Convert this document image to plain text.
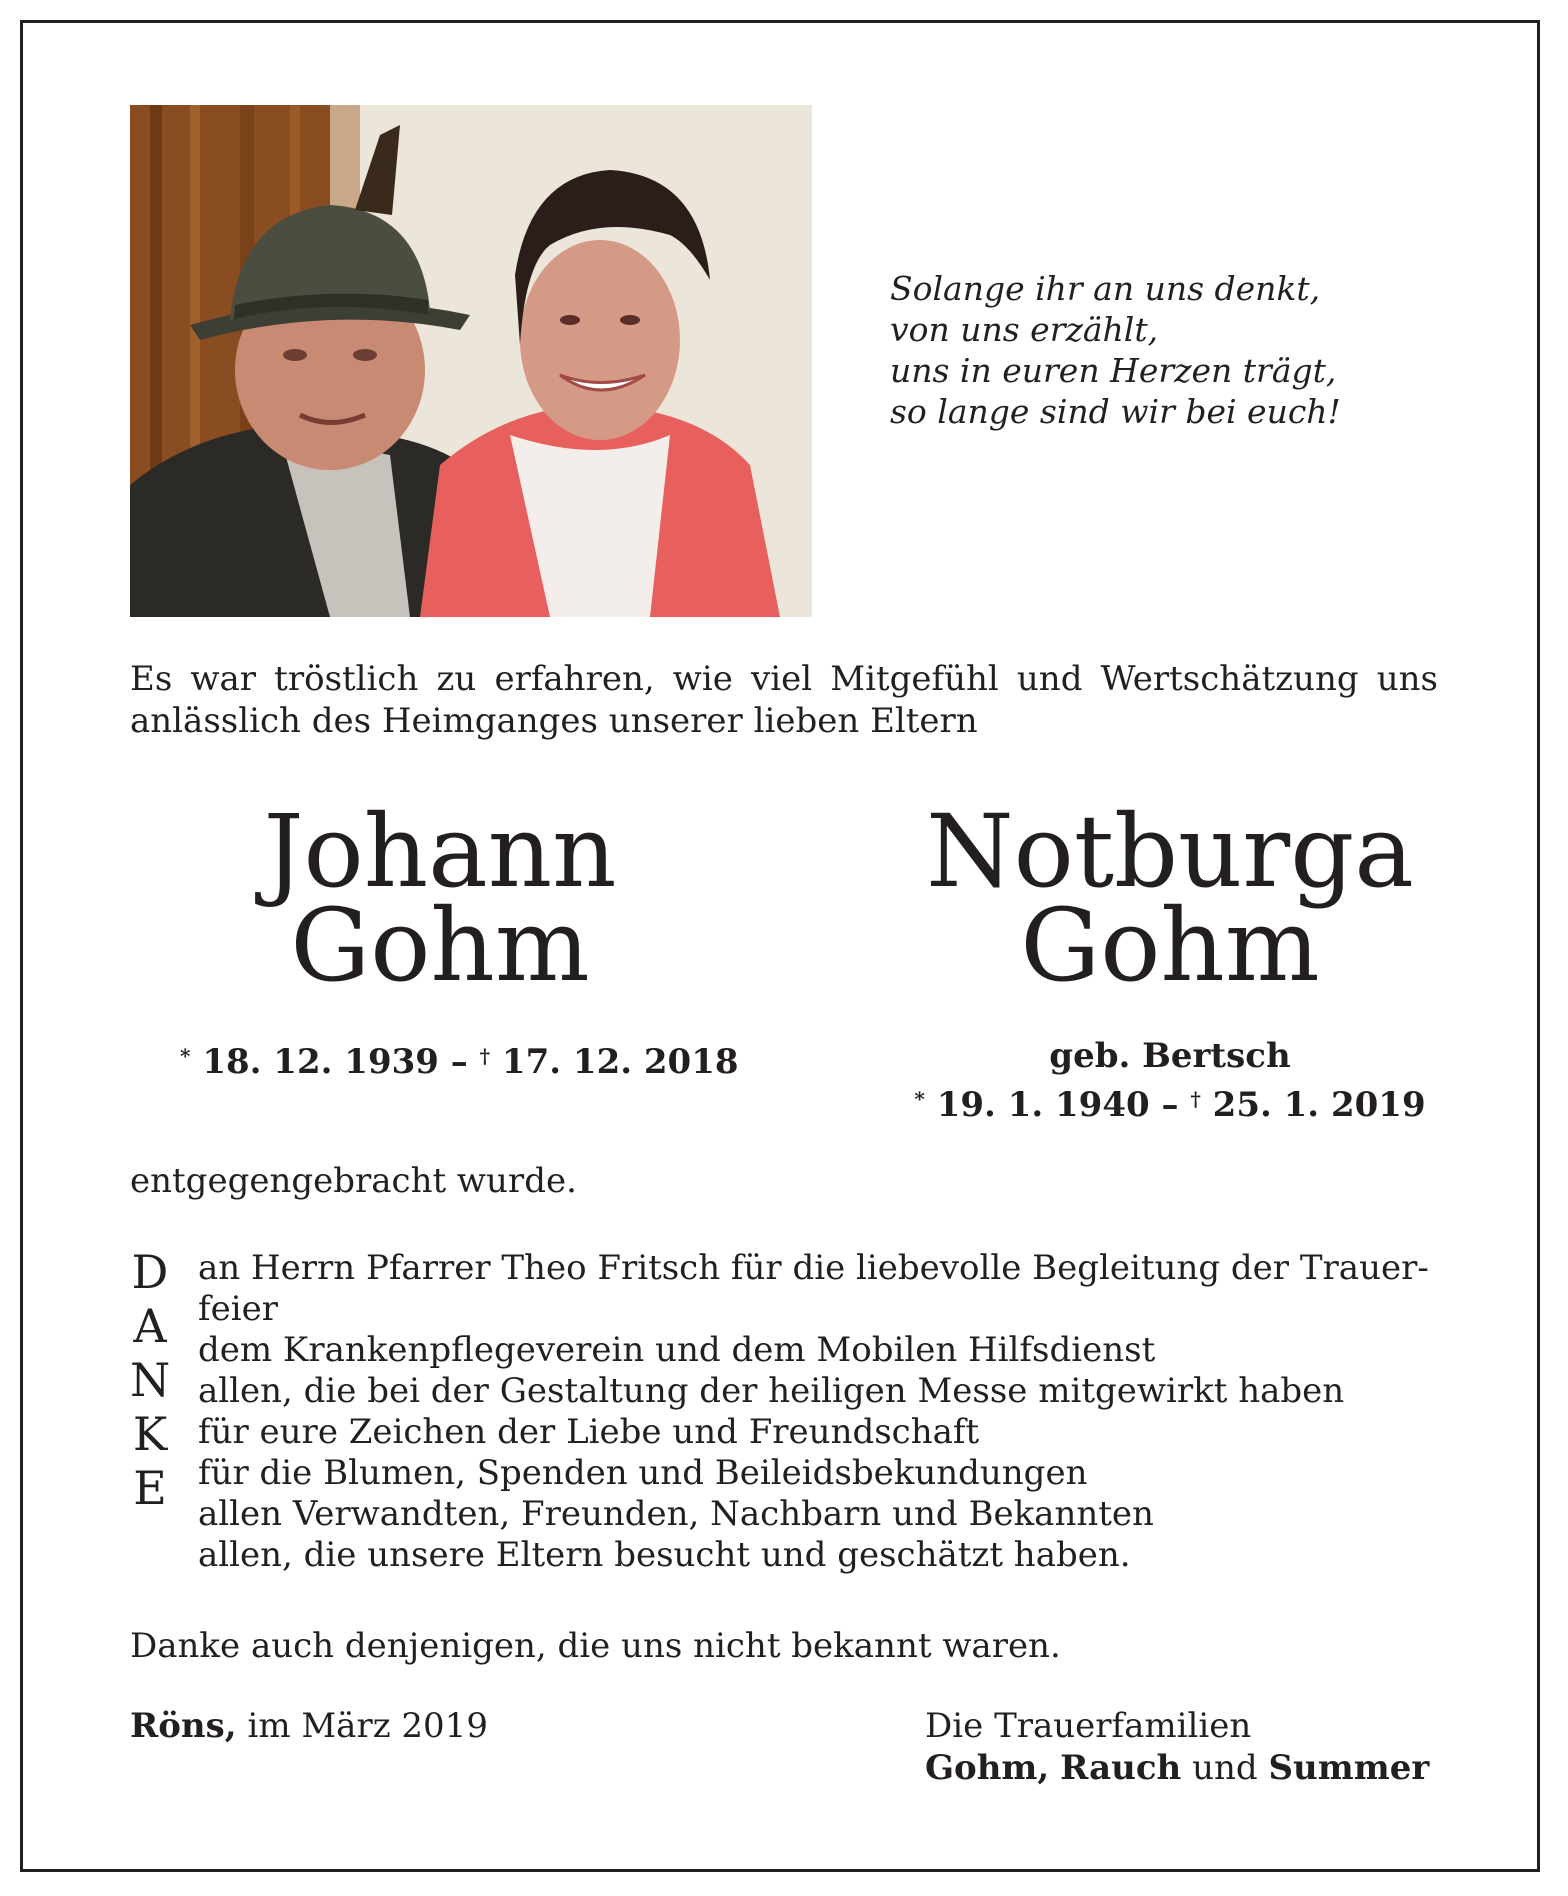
Solange ihr an uns denkt,
von uns erzählt,
uns in euren Herzen trägt,
so lange sind wir bei euch!
Es war tröstlich zu erfahren, wie viel Mitgefühl und Wertschätzung uns
anlässlich des Heimganges unserer lieben Eltern
Johann
Gohm
Notburga
Gohm
* 18. 12. 1939 – † 17. 12. 2018	geb. Bertsch
* 19. 1. 1940 – † 25. 1. 2019
entgegengebracht wurde.
D
A
N
K
E
an Herrn Pfarrer Theo Fritsch für die liebevolle Begleitung der Trauer-
feier
dem Krankenpflegeverein und dem Mobilen Hilfsdienst
allen, die bei der Gestaltung der heiligen Messe mitgewirkt haben
für eure Zeichen der Liebe und Freundschaft
für die Blumen, Spenden und Beileidsbekundungen
allen Verwandten, Freunden, Nachbarn und Bekannten
allen, die unsere Eltern besucht und geschätzt haben.
Danke auch denjenigen, die uns nicht bekannt waren.
Röns, im März 2019	Die Trauerfamilien
Gohm, Rauch und Summer
